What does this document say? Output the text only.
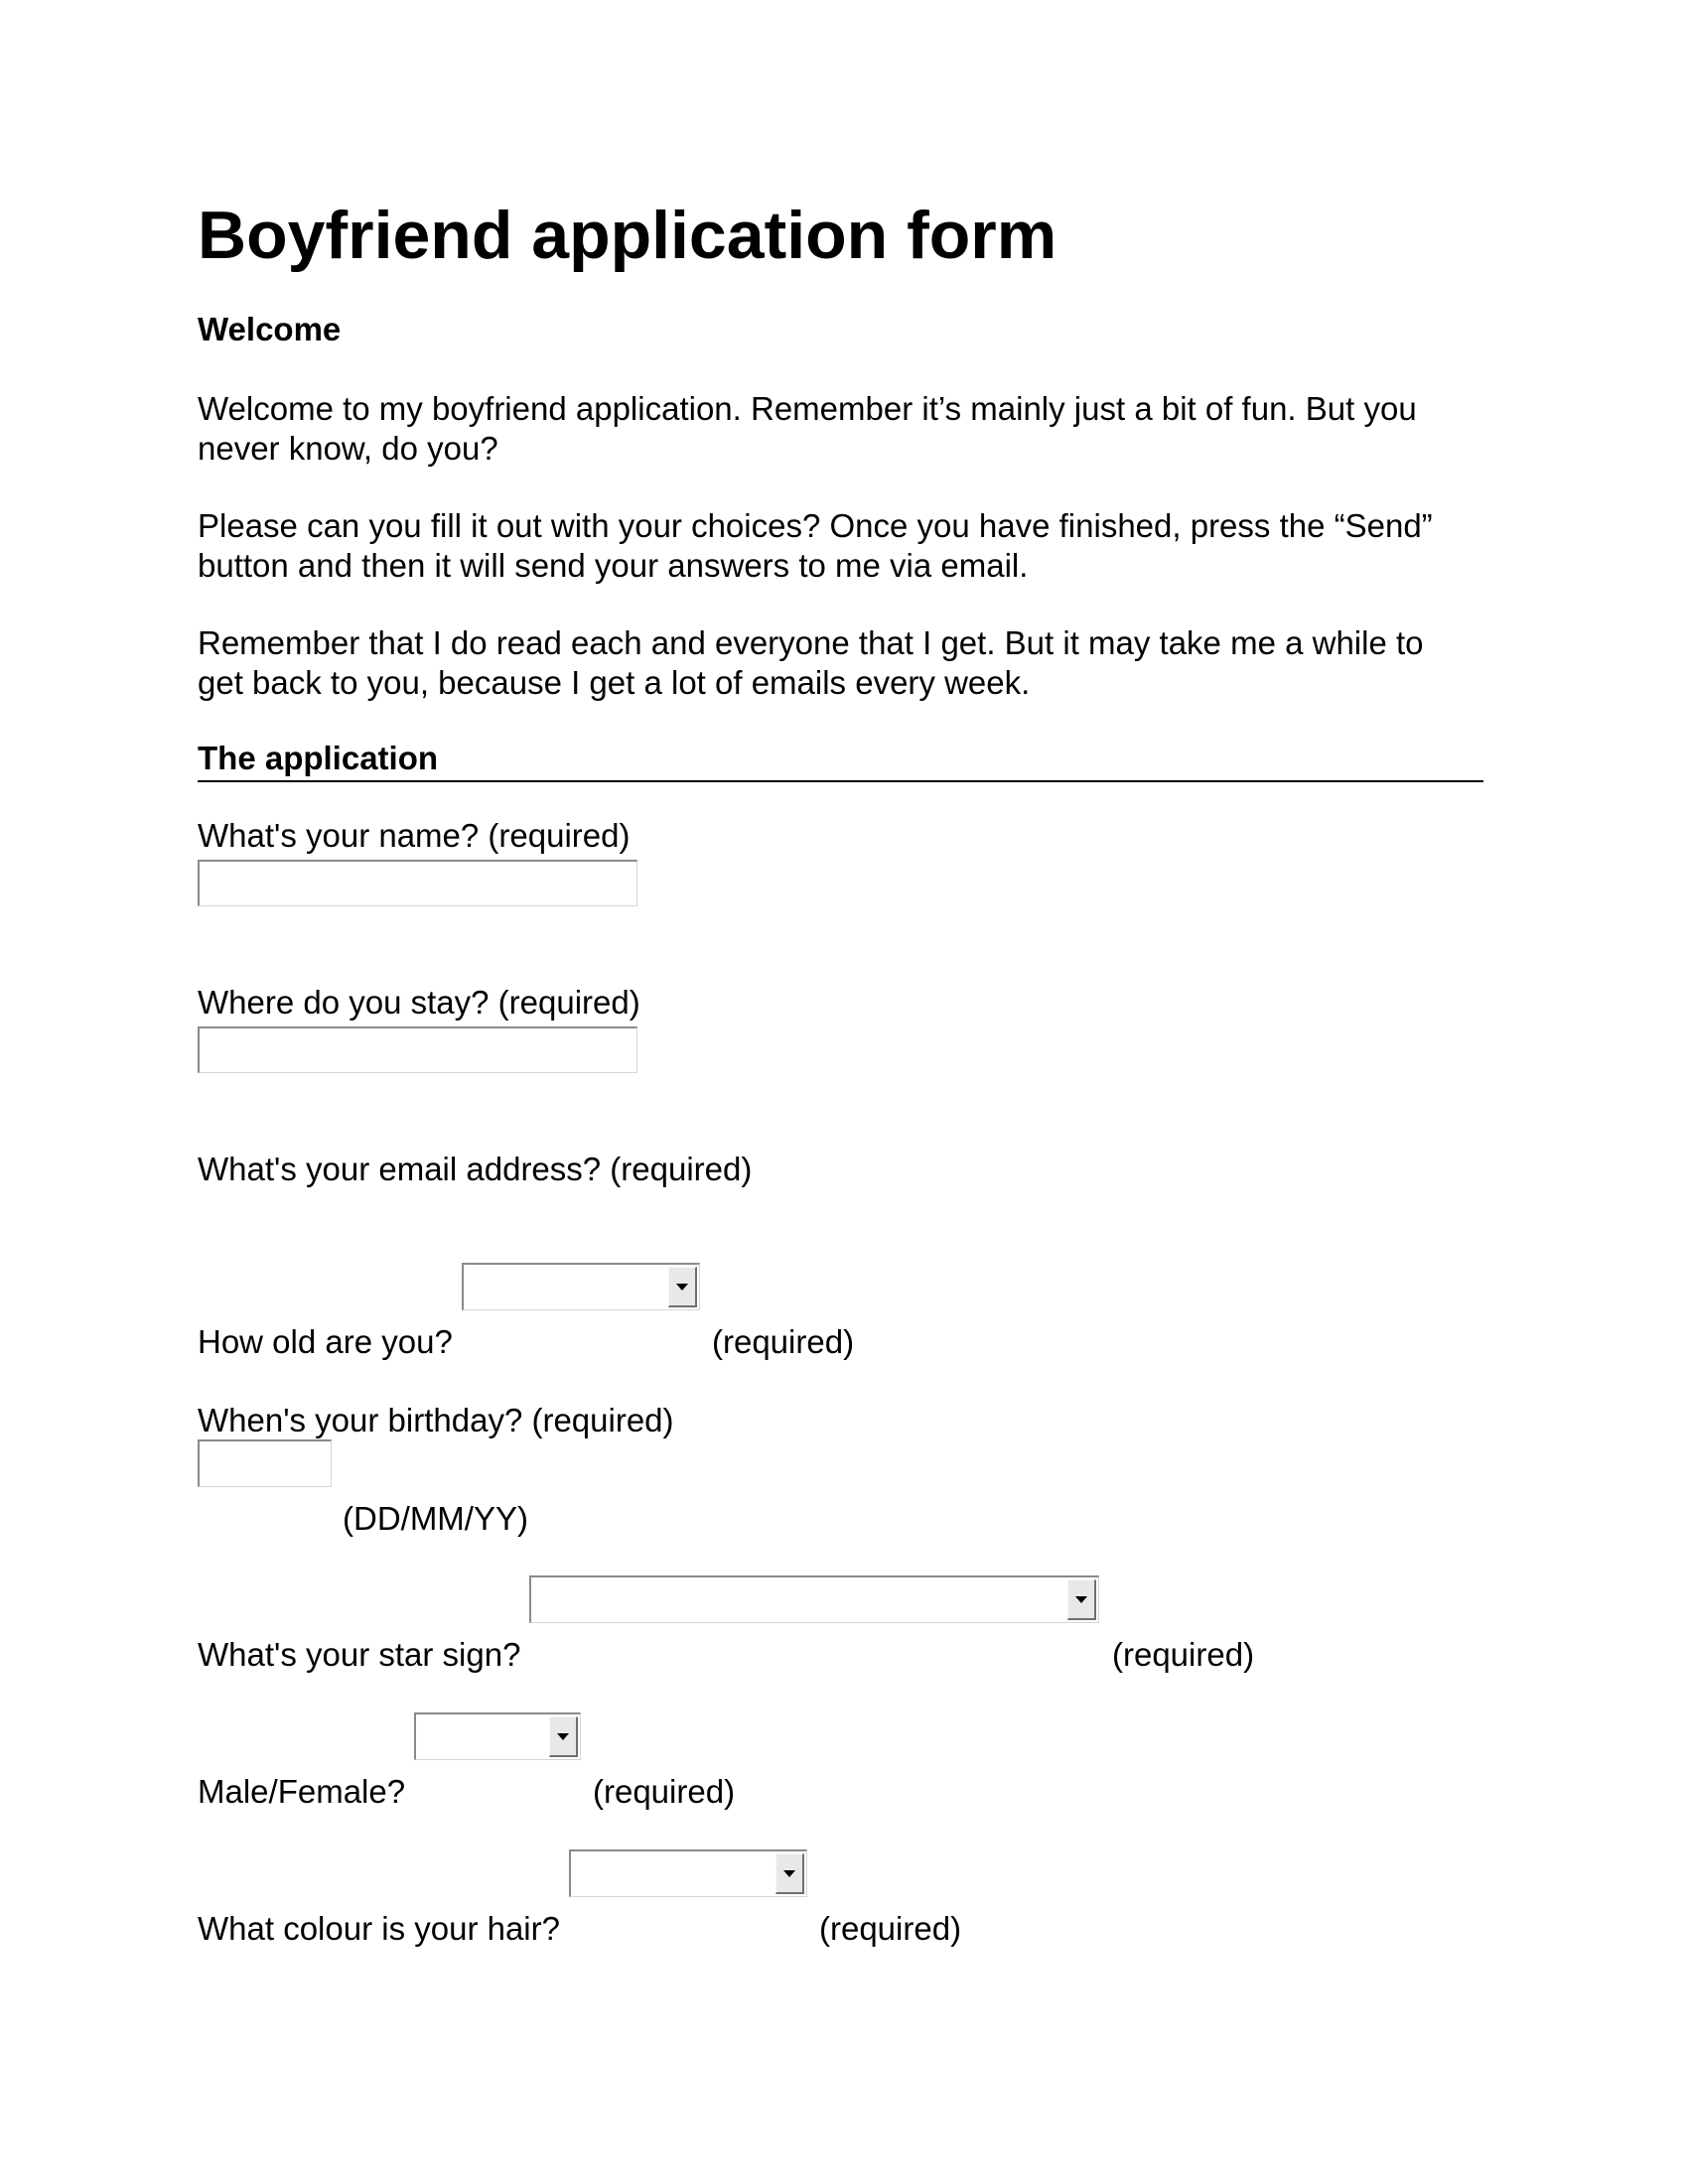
Boyfriend application form
Welcome
Welcome to my boyfriend application. Remember it’s mainly just a bit of fun. But you
never know, do you?
Please can you fill it out with your choices? Once you have finished, press the “Send”
button and then it will send your answers to me via email.
Remember that I do read each and everyone that I get. But it may take me a while to
get back to you, because I get a lot of emails every week.
The application
What's your name? (required)
Where do you stay? (required)
What's your email address? (required)
How old are you?	(required)
When's your birthday? (required)
(DD/MM/YY)
What's your star sign?	(required)
Male/Female?	(required)
What colour is your hair?	(required)
